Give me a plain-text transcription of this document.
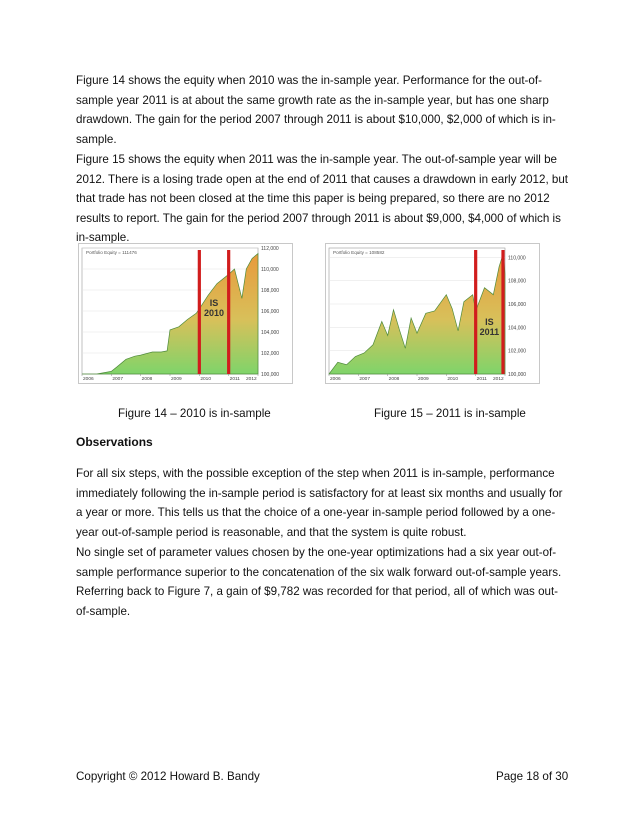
Figure 14 shows the equity when 2010 was the in-sample year. Performance for the out-of-sample year 2011 is at about the same growth rate as the in-sample year, but has one sharp drawdown. The gain for the period 2007 through 2011 is about $10,000, $2,000 of which is in-sample.

Figure 15 shows the equity when 2011 was the in-sample year. The out-of-sample year will be 2012. There is a losing trade open at the end of 2011 that causes a drawdown in early 2012, but that trade has not been closed at the time this paper is being prepared, so there are no 2012 results to report. The gain for the period 2007 through 2011 is about $9,000, $4,000 of which is in-sample.

IS
2010
Portfolio Equity = 111476
100,000
102,000
104,000
106,000
108,000
110,000
112,000
2006	2007	2008	2009	2010	2011 2012
IS
2011
Portfolio Equity = 108582
100,000
102,000
104,000
106,000
108,000
110,000
2006	2007	2008	2009	2010	2011 2012
Figure 14 – 2010 is in-sample	Figure 15 – 2011 is in-sample
Observations

For all six steps, with the possible exception of the step when 2011 is in-sample, performance immediately following the in-sample period is satisfactory for at least six months and usually for a year or more. This tells us that the choice of a one-year in-sample period followed by a one-year out-of-sample period is reasonable, and that the system is quite robust.

No single set of parameter values chosen by the one-year optimizations had a six year out-of-sample performance superior to the concatenation of the six walk forward out-of-sample years. Referring back to Figure 7, a gain of $9,782 was recorded for that period, all of which was out-of-sample.

Copyright © 2012 Howard B. Bandy	Page 18 of 30
